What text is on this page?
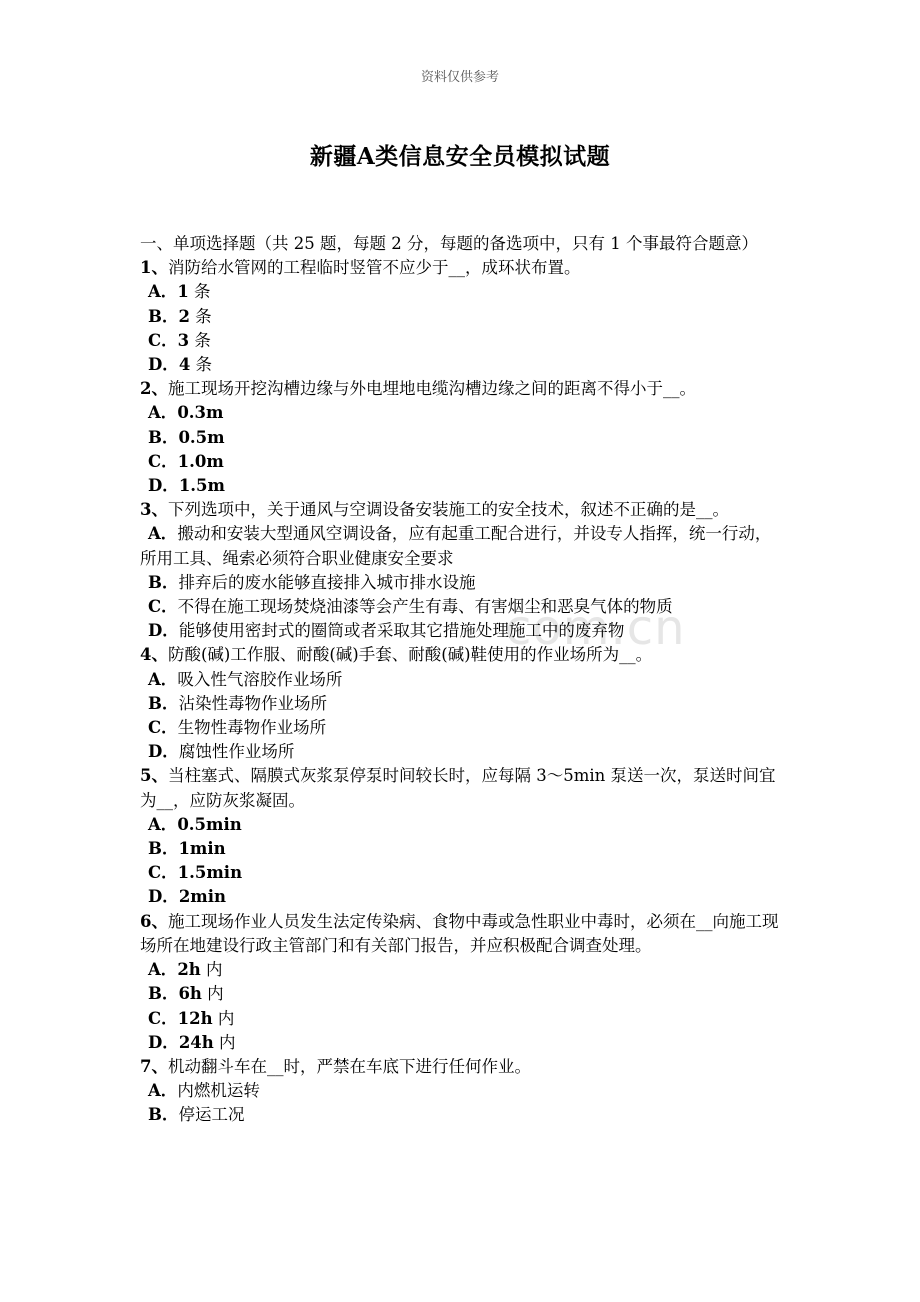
资料仅供参考
新疆A类信息安全员模拟试题
com.cn
一、单项选择题（共 25 题，每题 2 分，每题的备选项中，只有 1 个事最符合题意）
1、消防给水管网的工程临时竖管不应少于__，成环状布置。
A．1 条
B．2 条
C．3 条
D．4 条
2、施工现场开挖沟槽边缘与外电埋地电缆沟槽边缘之间的距离不得小于__。
A．0.3m
B．0.5m
C．1.0m
D．1.5m
3、下列选项中，关于通风与空调设备安装施工的安全技术，叙述不正确的是__。
A．搬动和安装大型通风空调设备，应有起重工配合进行，并设专人指挥，统一行动，所用工具、绳索必须符合职业健康安全要求
B．排弃后的废水能够直接排入城市排水设施
C．不得在施工现场焚烧油漆等会产生有毒、有害烟尘和恶臭气体的物质
D．能够使用密封式的圈筒或者采取其它措施处理施工中的废弃物
4、防酸(碱)工作服、耐酸(碱)手套、耐酸(碱)鞋使用的作业场所为__。
A．吸入性气溶胶作业场所
B．沾染性毒物作业场所
C．生物性毒物作业场所
D．腐蚀性作业场所
5、当柱塞式、隔膜式灰浆泵停泵时间较长时，应每隔 3～5min 泵送一次，泵送时间宜为__，应防灰浆凝固。
A．0.5min
B．1min
C．1.5min
D．2min
6、施工现场作业人员发生法定传染病、食物中毒或急性职业中毒时，必须在__向施工现场所在地建设行政主管部门和有关部门报告，并应积极配合调查处理。
A．2h 内
B．6h 内
C．12h 内
D．24h 内
7、机动翻斗车在__时，严禁在车底下进行任何作业。
A．内燃机运转
B．停运工况
